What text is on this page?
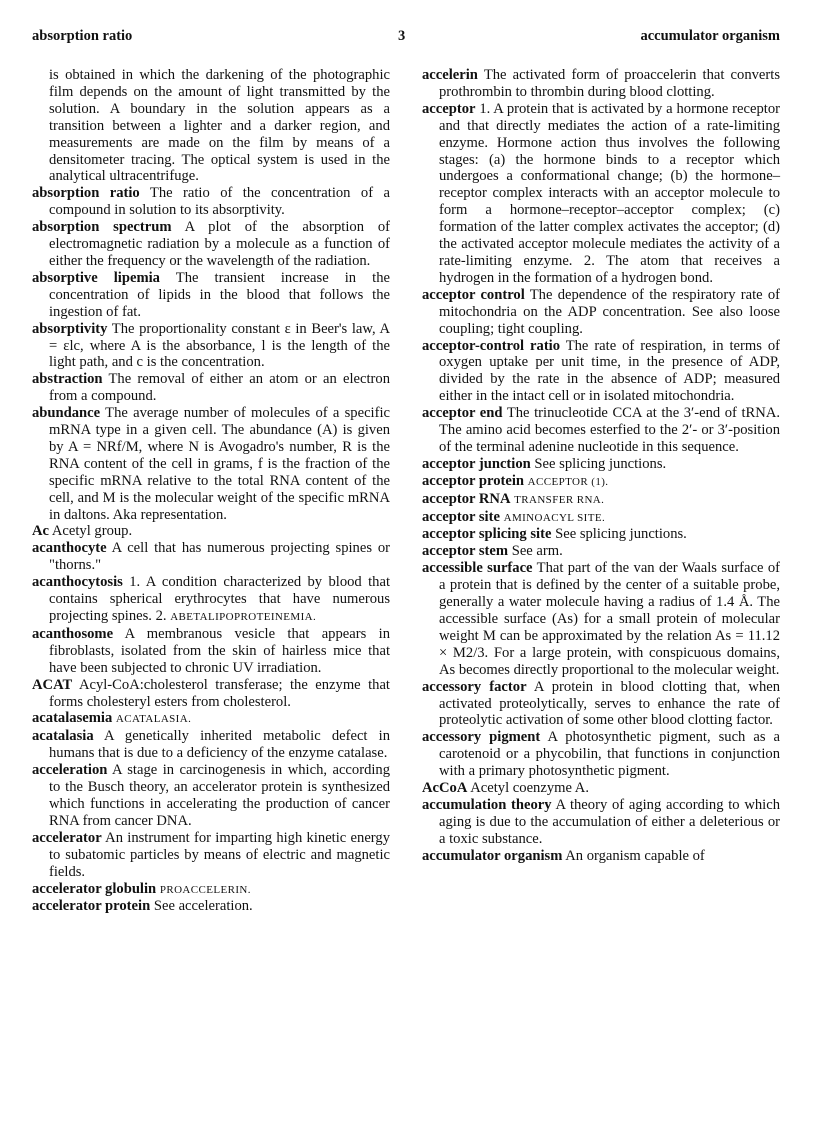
absorption ratio	3	accumulator organism

is obtained in which the darkening of the photographic film depends on the amount of light transmitted by the solution. A boundary in the solution appears as a transition between a lighter and a darker region, and measurements are made on the film by means of a densitometer tracing. The optical system is used in the analytical ultracentrifuge.

absorption ratio The ratio of the concentration of a compound in solution to its absorptivity.

absorption spectrum A plot of the absorption of electromagnetic radiation by a molecule as a function of either the frequency or the wavelength of the radiation.

absorptive lipemia The transient increase in the concentration of lipids in the blood that follows the ingestion of fat.

absorptivity The proportionality constant ε in Beer's law, A = εlc, where A is the absorbance, l is the length of the light path, and c is the concentration.

abstraction The removal of either an atom or an electron from a compound.

abundance The average number of molecules of a specific mRNA type in a given cell. The abundance (A) is given by A = NRf/M, where N is Avogadro's number, R is the RNA content of the cell in grams, f is the fraction of the specific mRNA relative to the total RNA content of the cell, and M is the molecular weight of the specific mRNA in daltons. Aka representation.

Ac Acetyl group.

acanthocyte A cell that has numerous projecting spines or "thorns."

acanthocytosis 1. A condition characterized by blood that contains spherical erythrocytes that have numerous projecting spines. 2. ABETALIPOPROTEINEMIA.

acanthosome A membranous vesicle that appears in fibroblasts, isolated from the skin of hairless mice that have been subjected to chronic UV irradiation.

ACAT Acyl-CoA:cholesterol transferase; the enzyme that forms cholesteryl esters from cholesterol.

acatalasemia ACATALASIA.

acatalasia A genetically inherited metabolic defect in humans that is due to a deficiency of the enzyme catalase.

acceleration A stage in carcinogenesis in which, according to the Busch theory, an accelerator protein is synthesized which functions in accelerating the production of cancer RNA from cancer DNA.

accelerator An instrument for imparting high kinetic energy to subatomic particles by means of electric and magnetic fields.

accelerator globulin PROACCELERIN.

accelerator protein See acceleration.

accelerin The activated form of proaccelerin that converts prothrombin to thrombin during blood clotting.

acceptor 1. A protein that is activated by a hormone receptor and that directly mediates the action of a rate-limiting enzyme. Hormone action thus involves the following stages: (a) the hormone binds to a receptor which undergoes a conformational change; (b) the hormone–receptor complex interacts with an acceptor molecule to form a hormone–receptor–acceptor complex; (c) formation of the latter complex activates the acceptor; (d) the activated acceptor molecule mediates the activity of a rate-limiting enzyme. 2. The atom that receives a hydrogen in the formation of a hydrogen bond.

acceptor control The dependence of the respiratory rate of mitochondria on the ADP concentration. See also loose coupling; tight coupling.

acceptor-control ratio The rate of respiration, in terms of oxygen uptake per unit time, in the presence of ADP, divided by the rate in the absence of ADP; measured either in the intact cell or in isolated mitochondria.

acceptor end The trinucleotide CCA at the 3′-end of tRNA. The amino acid becomes esterfied to the 2′- or 3′-position of the terminal adenine nucleotide in this sequence.

acceptor junction See splicing junctions.

acceptor protein ACCEPTOR (1).

acceptor RNA TRANSFER RNA.

acceptor site AMINOACYL SITE.

acceptor splicing site See splicing junctions.

acceptor stem See arm.

accessible surface That part of the van der Waals surface of a protein that is defined by the center of a suitable probe, generally a water molecule having a radius of 1.4 Å. The accessible surface (As) for a small protein of molecular weight M can be approximated by the relation As = 11.12 × M2/3. For a large protein, with conspicuous domains, As becomes directly proportional to the molecular weight.

accessory factor A protein in blood clotting that, when activated proteolytically, serves to enhance the rate of proteolytic activation of some other blood clotting factor.

accessory pigment A photosynthetic pigment, such as a carotenoid or a phycobilin, that functions in conjunction with a primary photosynthetic pigment.

AcCoA Acetyl coenzyme A.

accumulation theory A theory of aging according to which aging is due to the accumulation of either a deleterious or a toxic substance.

accumulator organism An organism capable of
